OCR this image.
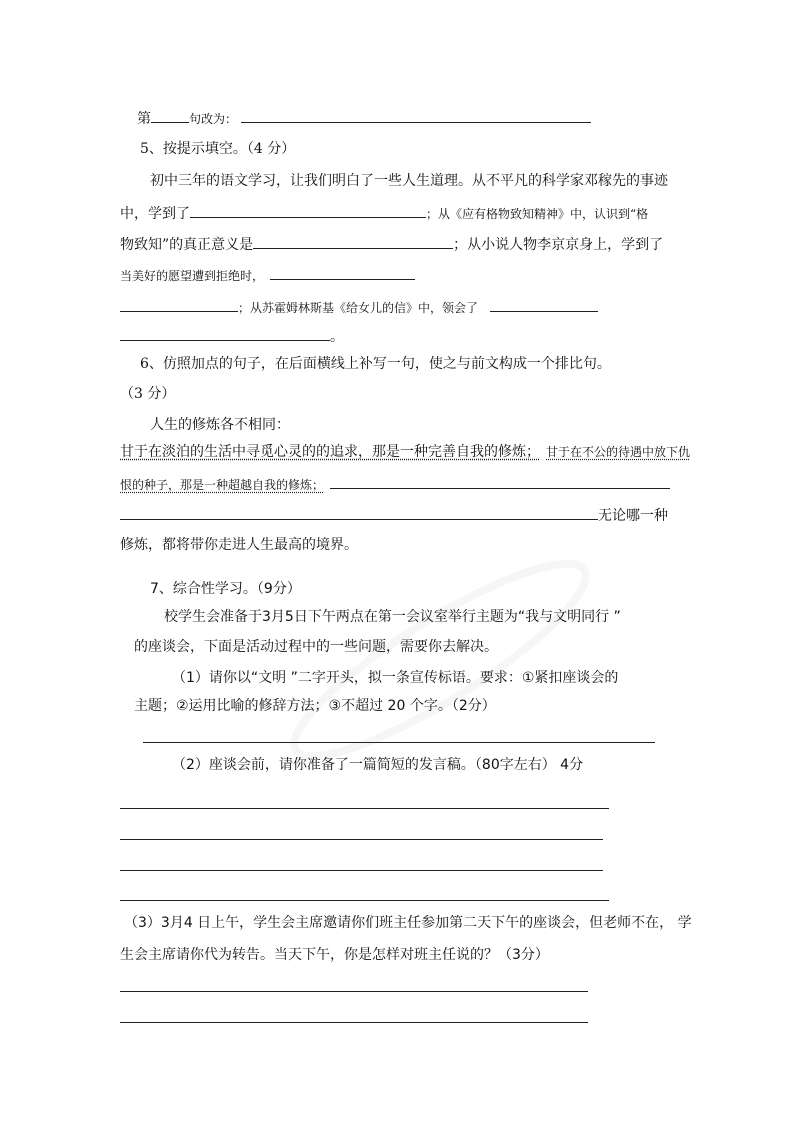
第	句改为：
5、按提示填空。（4 分）
初中三年的语文学习，让我们明白了一些人生道理。从不平凡的科学家邓稼先的事迹
中，学到了	；从《应有格物致知精神》中，认识到“格
物致知”的真正意义是	；从小说人物李京京身上，学到了
当美好的愿望遭到拒绝时，
；从苏霍姆林斯基《给女儿的信》中，领会了
。
6、仿照加点的句子，在后面横线上补写一句，使之与前文构成一个排比句。
（3 分）
人生的修炼各不相同：
甘于在淡泊的生活中寻觅心灵的的追求，那是一种完善自我的修炼； 甘于在不公的待遇中放下仇
恨的种子，那是一种超越自我的修炼；
无论哪一种
修炼，都将带你走进人生最高的境界。
7、综合性学习。（9分）
校学生会准备于3月5日下午两点在第一会议室举行主题为“我与文明同行 ”
的座谈会，下面是活动过程中的一些问题，需要你去解决。
（1）请你以“文明 ”二字开头，拟一条宣传标语。要求：①紧扣座谈会的
主题；②运用比喻的修辞方法；③不超过 20 个字。（2分）
（2）座谈会前，请你准备了一篇简短的发言稿。（80字左右） 4分
（3）3月4 日上午，学生会主席邀请你们班主任参加第二天下午的座谈会，但老师不在， 学
生会主席请你代为转告。当天下午，你是怎样对班主任说的？（3分）
